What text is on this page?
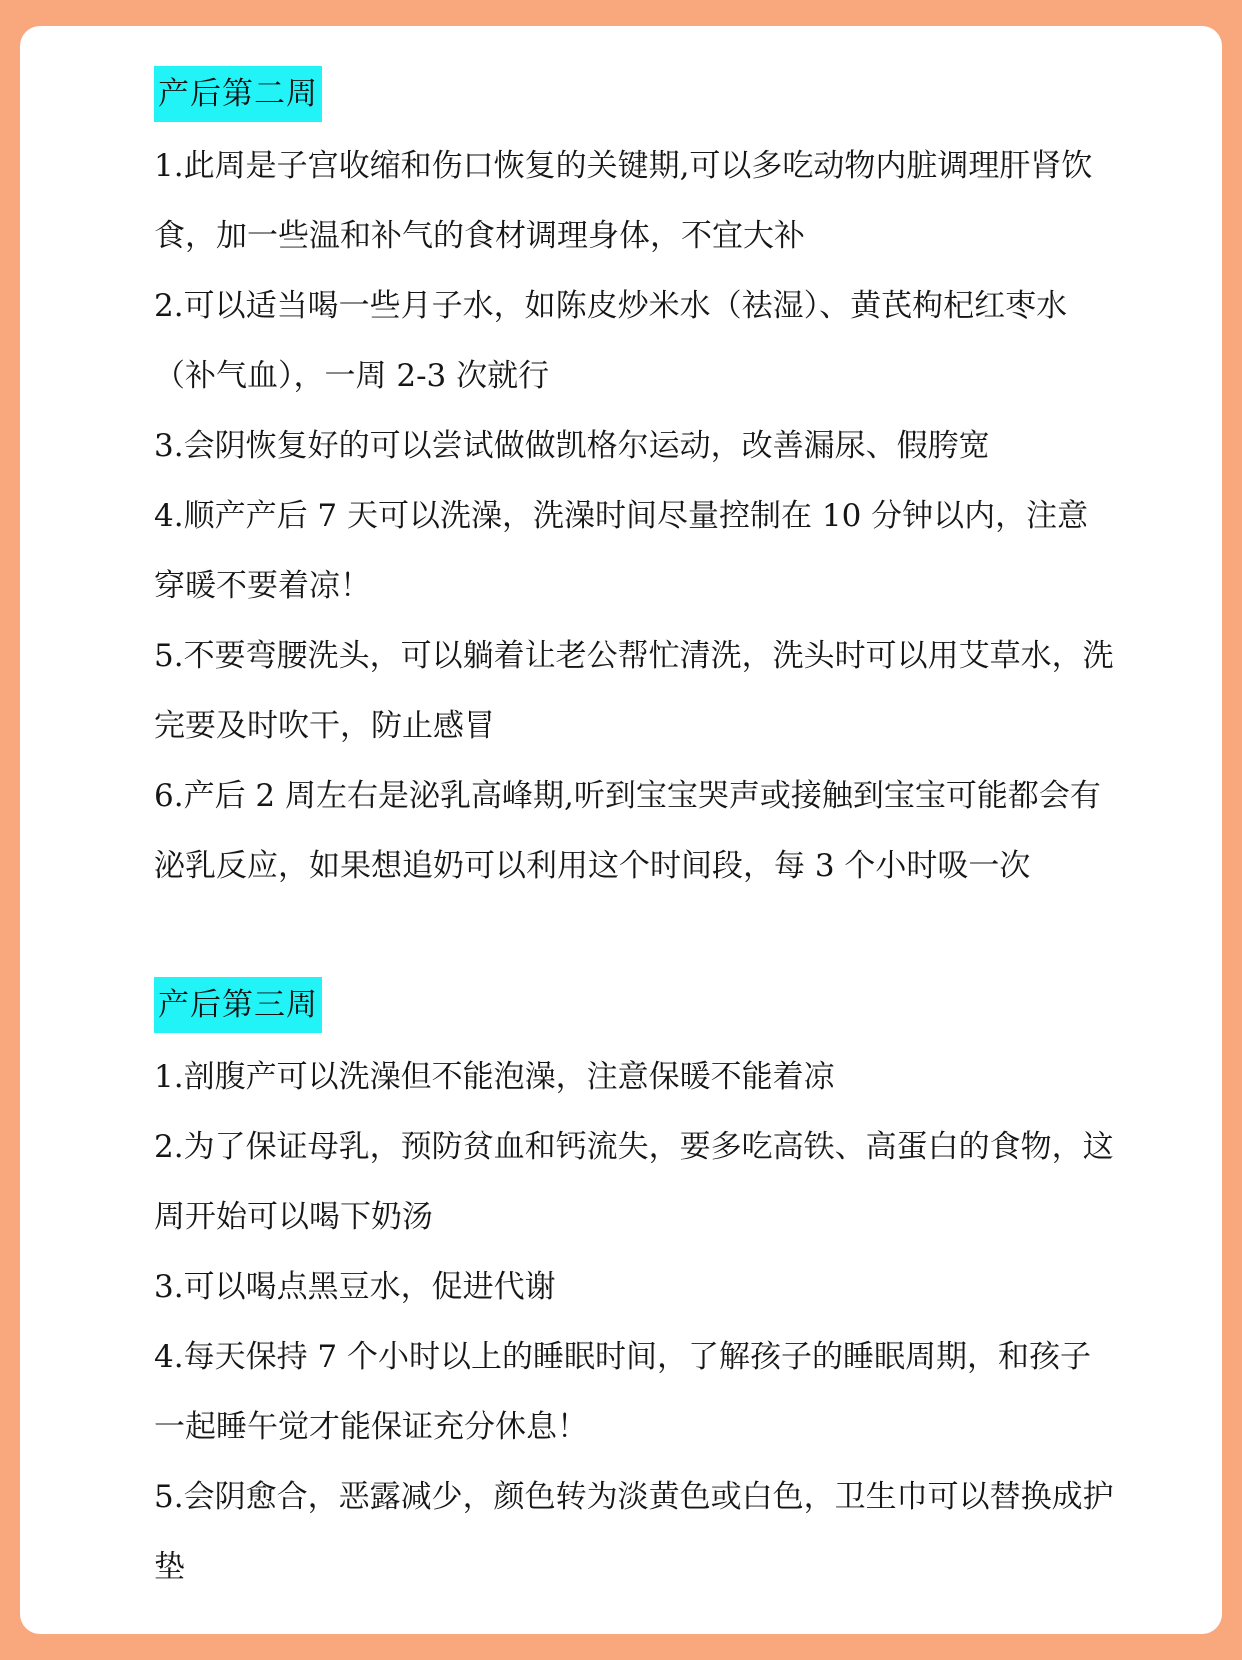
产后第二周
1.此周是子宫收缩和伤口恢复的关键期,可以多吃动物内脏调理肝肾饮食，加一些温和补气的食材调理身体，不宜大补
2.可以适当喝一些月子水，如陈皮炒米水（祛湿）、黄芪枸杞红枣水（补气血），一周 2-3 次就行
3.会阴恢复好的可以尝试做做凯格尔运动，改善漏尿、假胯宽
4.顺产产后 7 天可以洗澡，洗澡时间尽量控制在 10 分钟以内，注意穿暖不要着凉！
5.不要弯腰洗头，可以躺着让老公帮忙清洗，洗头时可以用艾草水，洗完要及时吹干，防止感冒
6.产后 2 周左右是泌乳高峰期,听到宝宝哭声或接触到宝宝可能都会有泌乳反应，如果想追奶可以利用这个时间段，每 3 个小时吸一次
产后第三周
1.剖腹产可以洗澡但不能泡澡，注意保暖不能着凉
2.为了保证母乳，预防贫血和钙流失，要多吃高铁、高蛋白的食物，这周开始可以喝下奶汤
3.可以喝点黑豆水，促进代谢
4.每天保持 7 个小时以上的睡眠时间，了解孩子的睡眠周期，和孩子一起睡午觉才能保证充分休息！
5.会阴愈合，恶露减少，颜色转为淡黄色或白色，卫生巾可以替换成护垫
